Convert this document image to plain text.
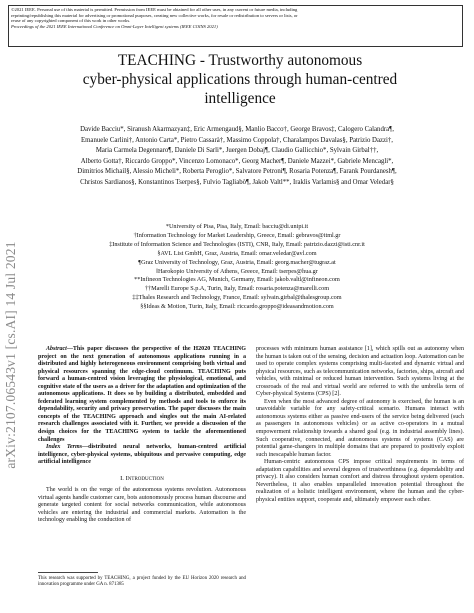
©2021 IEEE. Personal use of this material is permitted. Permission from IEEE must be obtained for all other uses, in any current or future media, including
reprinting/republishing this material for advertising or promotional purposes, creating new collective works, for resale or redistribution to servers or lists, or
reuse of any copyrighted component of this work in other works.
Proceedings of the 2021 IEEE International Conference on Omni-Layer Intelligent systems (IEEE COINS 2021)
arXiv:2107.06543v1 [cs.AI] 14 Jul 2021
TEACHING - Trustworthy autonomous
cyber-physical applications through human-centred
intelligence
Davide Bacciu*, Siranush Akarmazyan‡, Eric Armengaud§, Manlio Bacco†, George Bravos‡, Calogero Calandra¶,
Emanuele Carlini†, Antonio Carta*, Pietro Cassarà†, Massimo Coppola†, Charalampos Davalas§, Patrizio Dazzi†,
Maria Carmela Degennaro¶, Daniele Di Sarli*, Juergen Dobaj¶, Claudio Gallicchio*, Sylvain Girbal††,
Alberto Gotta†, Riccardo Groppo*, Vincenzo Lomonaco*, Georg Macher¶, Daniele Mazzei*, Gabriele Mencagli*,
Dimitrios Michail§, Alessio Micheli*, Roberta Peroglio*, Salvatore Petroni¶, Rosaria Potenza¶, Farank Pourdanesh¶,
Christos Sardianos§, Konstantinos Tserpes§, Fulvio Tagliabò¶, Jakob Valtl**, Iraklis Varlamis§ and Omar Veledar§
*University of Pisa, Pisa, Italy, Email: bacciu@di.unipi.it
†Information Technology for Market Leadership, Greece, Email: gebravos@itml.gr
‡Institute of Information Science and Technologies (ISTI), CNR, Italy, Email: patrizio.dazzi@isti.cnr.it
§AVL List GmbH, Graz, Austria, Email: omar.veledar@avl.com
¶Graz University of Technology, Graz, Austria, Email: georg.macher@tugraz.at
‖Harokopio University of Athens, Greece, Email: tserpes@hua.gr
**Infineon Technologies AG, Munich, Germany, Email: jakob.valtl@infineon.com
††Marelli Europe S.p.A, Turin, Italy, Email: rosaria.potenza@marelli.com
‡‡Thales Research and Technology, France, Email: sylvain.girbal@thalesgroup.com
§§Ideas & Motion, Turin, Italy, Email: riccardo.groppo@ideasandmotion.com

Abstract—This paper discusses the perspective of the H2020 TEACHING project on the next generation of autonomous applications running in a distributed and highly heterogeneous environment comprising both virtual and physical resources spanning the edge-cloud continuum. TEACHING puts forward a human-centred vision leveraging the physiological, emotional, and cognitive state of the users as a driver for the adaptation and optimization of the autonomous applications. It does so by building a distributed, embedded and federated learning system complemented by methods and tools to enforce its dependability, security and privacy preservation. The paper discusses the main concepts of the TEACHING approach and singles out the main AI-related research challenges associated with it. Further, we provide a discussion of the design choices for the TEACHING system to tackle the aforementioned challenges

Index Terms—distributed neural networks, human-centred artificial intelligence, cyber-physical systems, ubiquitous and pervasive computing, edge artificial intelligence

I. Introduction

The world is on the verge of the autonomous systems revolution. Autonomous virtual agents handle customer care, bots autonomously process human discourse and generate targeted content for social networks communication, while autonomous vehicles are entering the industrial and commercial markets. Automation is the technology enabling the conduction of

This research was supported by TEACHING, a project funded by the EU Horizon 2020 research and innovation programme under GA n. 871385

processes with minimum human assistance [1], which spills out as autonomy when the human is taken out of the sensing, decision and actuation loop. Automation can be used to operate complex systems comprising multi-faceted and dynamic virtual and physical resources, such as telecommunication networks, factories, ships, aircraft and vehicles, with minimal or reduced human intervention. Such systems living at the crossroads of the real and virtual world are referred to with the umbrella term of Cyber-physical Systems (CPS) [2].

Even when the most advanced degree of autonomy is exercised, the human is an unavoidable variable for any safety-critical scenario. Humans interact with autonomous systems either as passive end-users of the service being delivered (such as passengers in autonomous vehicles) or as active co-operators in a mutual empowerment relationship towards a shared goal (e.g. in industrial assembly lines). Such cooperative, connected, and autonomous systems of systems (CAS) are potential game-changers in multiple domains that are prepared to positively exploit such inescapable human factor.

Human-centric autonomous CPS impose critical requirements in terms of adaptation capabilities and several degrees of trustworthiness (e.g. dependability and privacy). It also considers human comfort and distress throughout system operation. Nevertheless, it also enables unparalleled innovation potential throughout the realization of a holistic intelligent environment, where the human and the cyber-physical entities support, cooperate and, ultimately empower each other.
